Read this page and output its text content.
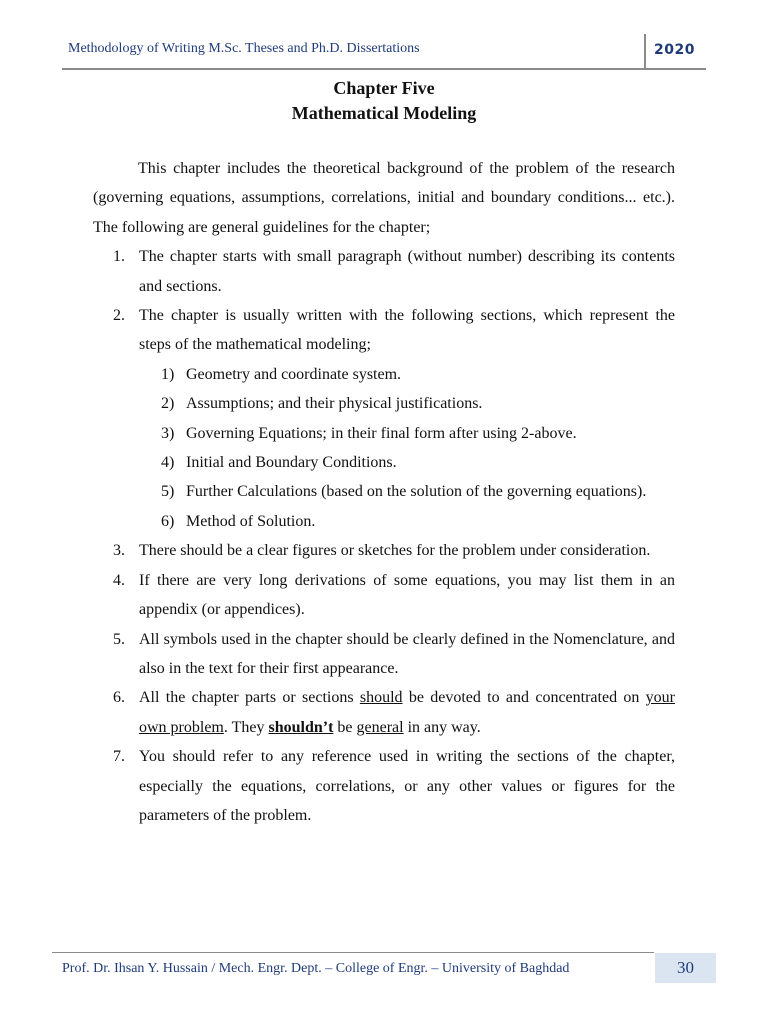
Methodology of Writing M.Sc. Theses and Ph.D. Dissertations	2020
Chapter Five
Mathematical Modeling

This chapter includes the theoretical background of the problem of the research (governing equations, assumptions, correlations, initial and boundary conditions... etc.). The following are general guidelines for the chapter;

1. The chapter starts with small paragraph (without number) describing its contents and sections.
2. The chapter is usually written with the following sections, which represent the steps of the mathematical modeling;
1) Geometry and coordinate system.
2) Assumptions; and their physical justifications.
3) Governing Equations; in their final form after using 2-above.
4) Initial and Boundary Conditions.
5) Further Calculations (based on the solution of the governing equations).
6) Method of Solution.
3. There should be a clear figures or sketches for the problem under consideration.
4. If there are very long derivations of some equations, you may list them in an appendix (or appendices).
5. All symbols used in the chapter should be clearly defined in the Nomenclature, and also in the text for their first appearance.
6. All the chapter parts or sections should be devoted to and concentrated on your own problem. They shouldn’t be general in any way.
7. You should refer to any reference used in writing the sections of the chapter, especially the equations, correlations, or any other values or figures for the parameters of the problem.
Prof. Dr. Ihsan Y. Hussain / Mech. Engr. Dept. – College of Engr. – University of Baghdad	30
